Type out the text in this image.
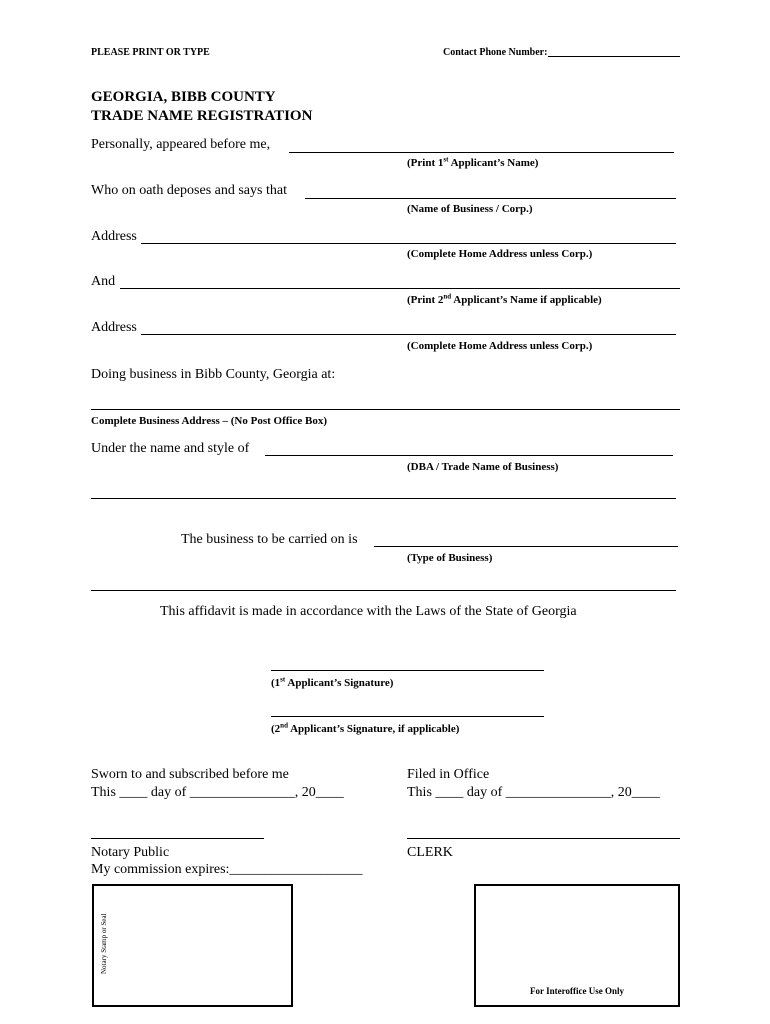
PLEASE PRINT OR TYPE	Contact Phone Number:
GEORGIA, BIBB COUNTY
TRADE NAME REGISTRATION
Personally, appeared before me,
(Print 1st Applicant’s Name)
Who on oath deposes and says that
(Name of Business / Corp.)
Address
(Complete Home Address unless Corp.)
And
(Print 2nd Applicant’s Name if applicable)
Address
(Complete Home Address unless Corp.)
Doing business in Bibb County, Georgia at:
Complete Business Address – (No Post Office Box)
Under the name and style of
(DBA / Trade Name of Business)
The business to be carried on is
(Type of Business)
This affidavit is made in accordance with the Laws of the State of Georgia
(1st Applicant’s Signature)
(2nd Applicant’s Signature, if applicable)
Sworn to and subscribed before me
This ____ day of _______________, 20____
Notary Public
My commission expires:___________________
Notary Stamp or Seal
Filed in Office
This ____ day of _______________, 20____
CLERK
For Interoffice Use Only
